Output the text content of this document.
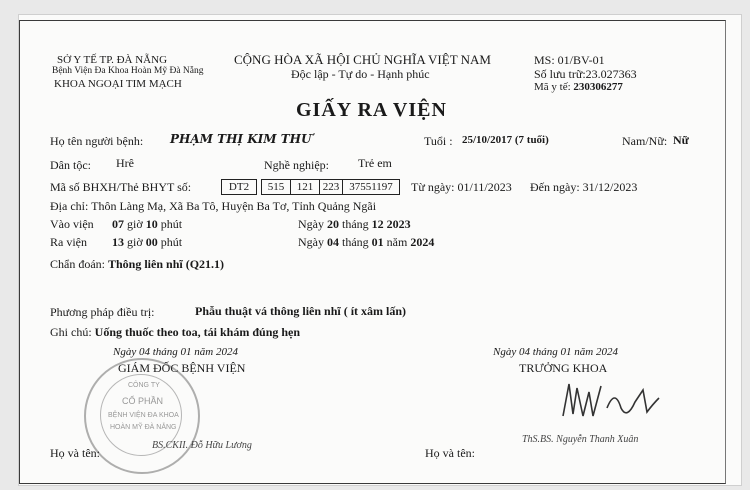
SỞ Y TẾ TP. ĐÀ NẴNG
Bệnh Viện Đa Khoa Hoàn Mỹ Đà Nẵng
KHOA NGOẠI TIM MẠCH
CỘNG HÒA XÃ HỘI CHỦ NGHĨA VIỆT NAM
Độc lập - Tự do - Hạnh phúc
MS: 01/BV-01
Số lưu trữ:23.027363
Mã y tế: 230306277
GIẤY RA VIỆN
Họ tên người bệnh: PHẠM THỊ KIM THƯ	Tuổi : 25/10/2017 (7 tuổi)	Nam/Nữ: Nữ
Dân tộc: Hrê	Nghề nghiệp: Trẻ em
Mã số BHXH/Thẻ BHYT số:	DT2	515	121 223 37551197	Từ ngày: 01/11/2023 Đến ngày: 31/12/2023
Địa chỉ: Thôn Làng Mạ, Xã Ba Tô, Huyện Ba Tơ, Tỉnh Quảng Ngãi
Vào viện 07 giờ 10 phút	Ngày 20 tháng 12 2023
Ra viện 13 giờ 00 phút	Ngày 04 tháng 01 năm 2024
Chẩn đoán: Thông liên nhĩ (Q21.1)
Phương pháp điều trị:	Phẫu thuật vá thông liên nhĩ ( ít xâm lấn)
Ghi chú: Uống thuốc theo toa, tái khám đúng hẹn
Ngày 04 tháng 01 năm 2024
GIÁM ĐỐC BỆNH VIỆN
CÔNG TY
CỔ PHẦN
BỆNH VIỆN ĐA KHOA
HOÀN MỸ ĐÀ NẴNG
Họ và tên:
BS.CKII. Đỗ Hữu Lương
Ngày 04 tháng 01 năm 2024
TRƯỞNG KHOA
Họ và tên:
ThS.BS. Nguyễn Thanh Xuân
